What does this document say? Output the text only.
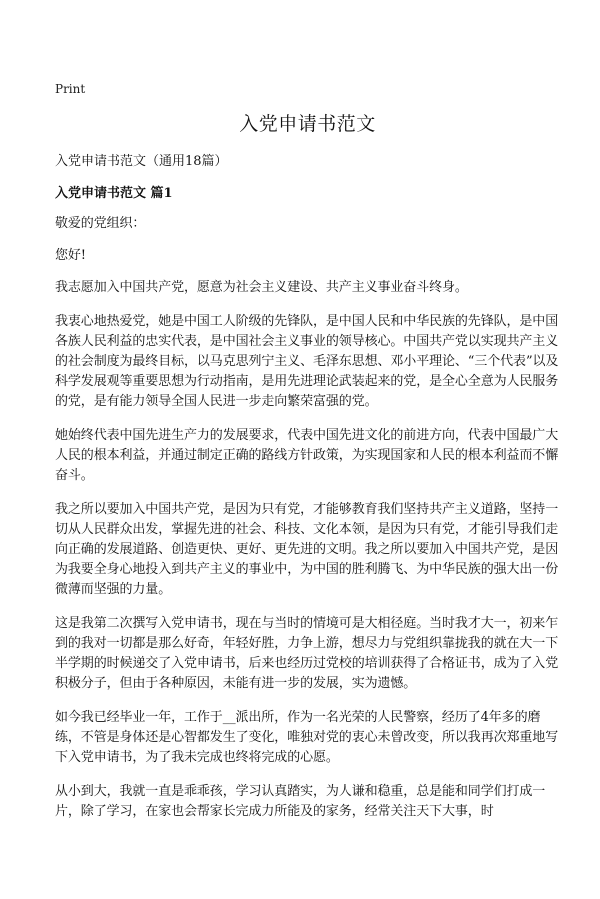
Print
入党申请书范文
入党申请书范文（通用18篇）
入党申请书范文 篇1
敬爱的党组织：
您好!
我志愿加入中国共产党，愿意为社会主义建设、共产主义事业奋斗终身。
我衷心地热爱党，她是中国工人阶级的先锋队，是中国人民和中华民族的先锋队，是中国各族人民利益的忠实代表，是中国社会主义事业的领导核心。中国共产党以实现共产主义的社会制度为最终目标，以马克思列宁主义、毛泽东思想、邓小平理论、“三个代表”以及科学发展观等重要思想为行动指南，是用先进理论武装起来的党，是全心全意为人民服务的党，是有能力领导全国人民进一步走向繁荣富强的党。
她始终代表中国先进生产力的发展要求，代表中国先进文化的前进方向，代表中国最广大人民的根本利益，并通过制定正确的路线方针政策，为实现国家和人民的根本利益而不懈奋斗。
我之所以要加入中国共产党，是因为只有党，才能够教育我们坚持共产主义道路，坚持一切从人民群众出发，掌握先进的社会、科技、文化本领，是因为只有党，才能引导我们走向正确的发展道路、创造更快、更好、更先进的文明。我之所以要加入中国共产党，是因为我要全身心地投入到共产主义的事业中，为中国的胜利腾飞、为中华民族的强大出一份微薄而坚强的力量。
这是我第二次撰写入党申请书，现在与当时的情境可是大相径庭。当时我才大一，初来乍到的我对一切都是那么好奇，年轻好胜，力争上游，想尽力与党组织靠拢我的就在大一下半学期的时候递交了入党申请书，后来也经历过党校的培训获得了合格证书，成为了入党积极分子，但由于各种原因，未能有进一步的发展，实为遗憾。
如今我已经毕业一年，工作于__派出所，作为一名光荣的人民警察，经历了4年多的磨练，不管是身体还是心智都发生了变化，唯独对党的衷心未曾改变，所以我再次郑重地写下入党申请书，为了我未完成也终将完成的心愿。
从小到大，我就一直是乖乖孩，学习认真踏实，为人谦和稳重，总是能和同学们打成一片，除了学习，在家也会帮家长完成力所能及的家务，经常关注天下大事，时
